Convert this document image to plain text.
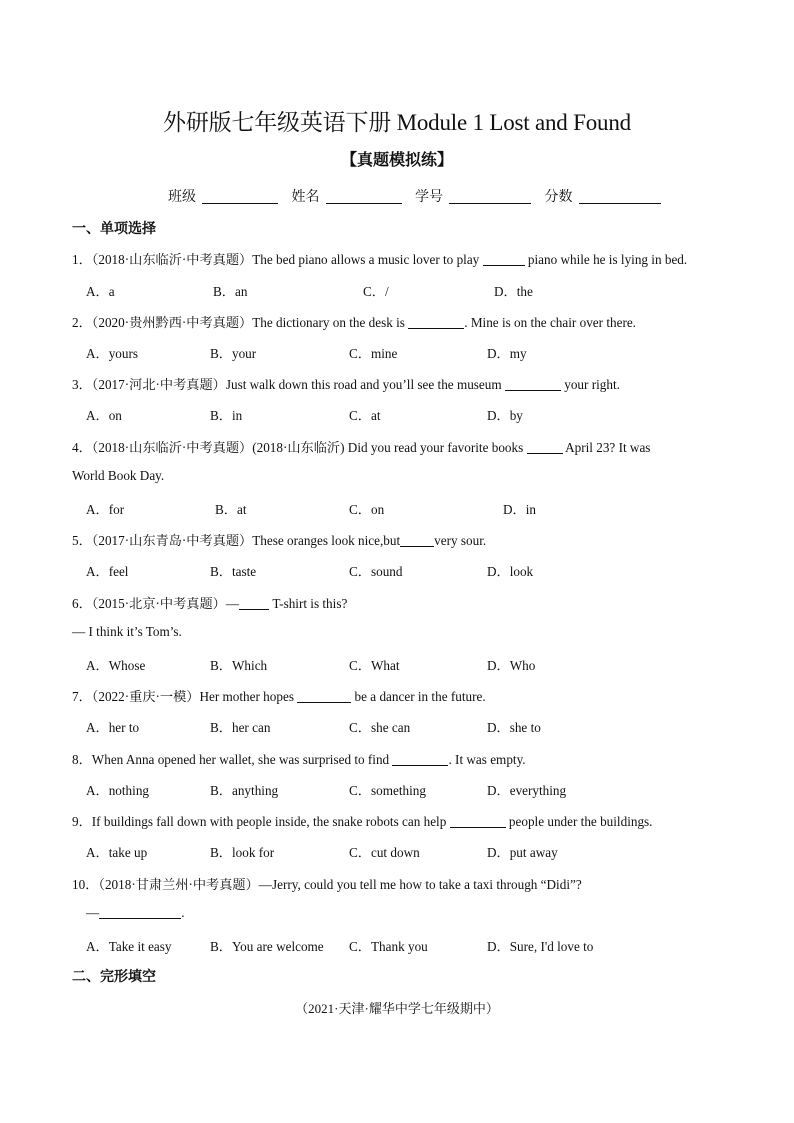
外研版七年级英语下册 Module 1 Lost and Found
【真题模拟练】
班级	姓名	学号	分数
一、单项选择
1．（2018·山东临沂·中考真题）The bed piano allows a music lover to play	piano while he is lying in bed.
A．a	B．an	C．/	D．the
2．（2020·贵州黔西·中考真题）The dictionary on the desk is	. Mine is on the chair over there.
A．yours	B．your	C．mine	D．my
3．（2017·河北·中考真题）Just walk down this road and you’ll see the museum	your right.
A．on	B．in	C．at	D．by
4．（2018·山东临沂·中考真题）(2018·山东临沂) Did you read your favorite books	April 23? It was
World Book Day.
A．for	B．at	C．on	D．in
5．（2017·山东青岛·中考真题）These oranges look nice,but	very sour.
A．feel	B．taste	C．sound	D．look
6．（2015·北京·中考真题）— T-shirt is this?
— I think it’s Tom’s.
A．Whose	B．Which	C．What	D．Who
7．（2022·重庆·一模）Her mother hopes	be a dancer in the future.
A．her to	B．her can	C．she can	D．she to
8．When Anna opened her wallet, she was surprised to find	. It was empty.
A．nothing	B．anything	C．something	D．everything
9．If buildings fall down with people inside, the snake robots can help	people under the buildings.
A．take up	B．look for	C．cut down	D．put away
10．（2018·甘肃兰州·中考真题）—Jerry, could you tell me how to take a taxi through “Didi”?
—	.
A．Take it easy	B．You are welcome C．Thank you	D．Sure, I'd love to
二、完形填空
（2021·天津·耀华中学七年级期中）
